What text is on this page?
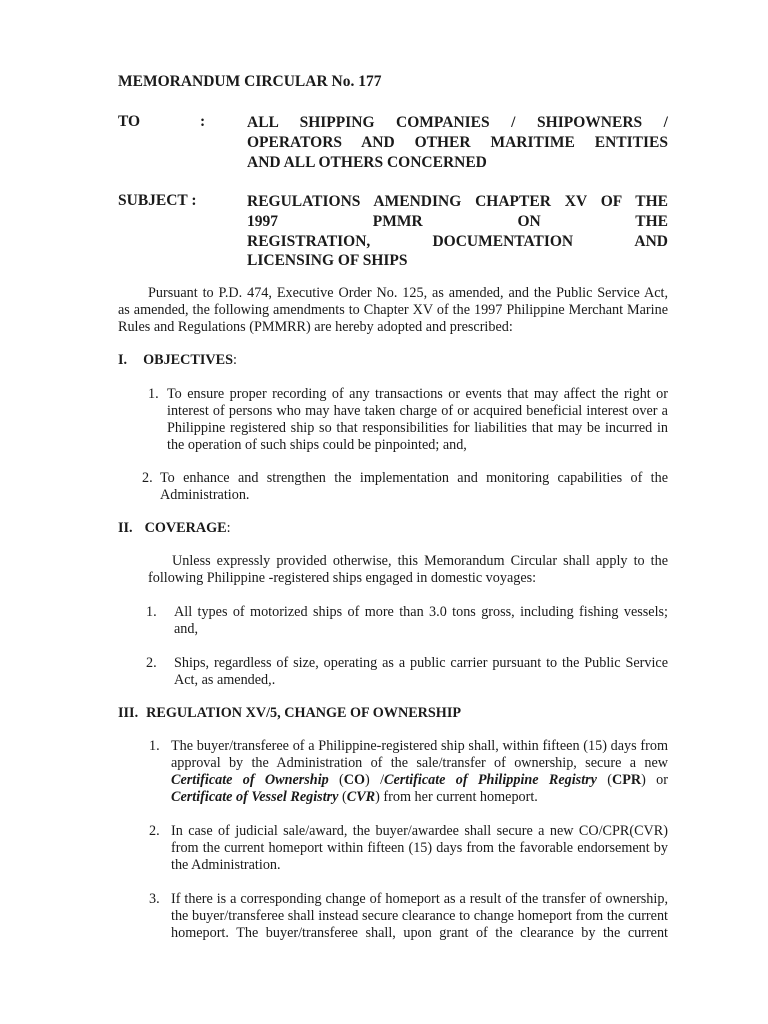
MEMORANDUM CIRCULAR No. 177
TO	:	ALL SHIPPING COMPANIES / SHIPOWNERS /
OPERATORS AND OTHER MARITIME ENTITIES
AND ALL OTHERS CONCERNED
SUBJECT :	REGULATIONS AMENDING CHAPTER XV OF THE
1997 PMMR ON THE
REGISTRATION, DOCUMENTATION AND
LICENSING OF SHIPS
Pursuant to P.D. 474, Executive Order No. 125, as amended, and the Public Service Act,
as amended, the following amendments to Chapter XV of the 1997 Philippine Merchant Marine
Rules and Regulations (PMMRR) are hereby adopted and prescribed:
I. OBJECTIVES:
1. To ensure proper recording of any transactions or events that may affect the right or
interest of persons who may have taken charge of or acquired beneficial interest over a
Philippine registered ship so that responsibilities for liabilities that may be incurred in
the operation of such ships could be pinpointed; and,
2. To enhance and strengthen the implementation and monitoring capabilities of the
Administration.
II. COVERAGE:
Unless expressly provided otherwise, this Memorandum Circular shall apply to the
following Philippine -registered ships engaged in domestic voyages:
1. All types of motorized ships of more than 3.0 tons gross, including fishing vessels;
and,
2. Ships, regardless of size, operating as a public carrier pursuant to the Public Service
Act, as amended,.
III. REGULATION XV/5, CHANGE OF OWNERSHIP
1. The buyer/transferee of a Philippine-registered ship shall, within fifteen (15) days from
approval by the Administration of the sale/transfer of ownership, secure a new
Certificate of Ownership (CO) /Certificate of Philippine Registry (CPR) or
Certificate of Vessel Registry (CVR) from her current homeport.
2. In case of judicial sale/award, the buyer/awardee shall secure a new CO/CPR(CVR)
from the current homeport within fifteen (15) days from the favorable endorsement by
the Administration.
3. If there is a corresponding change of homeport as a result of the transfer of ownership,
the buyer/transferee shall instead secure clearance to change homeport from the current
homeport. The buyer/transferee shall, upon grant of the clearance by the current
